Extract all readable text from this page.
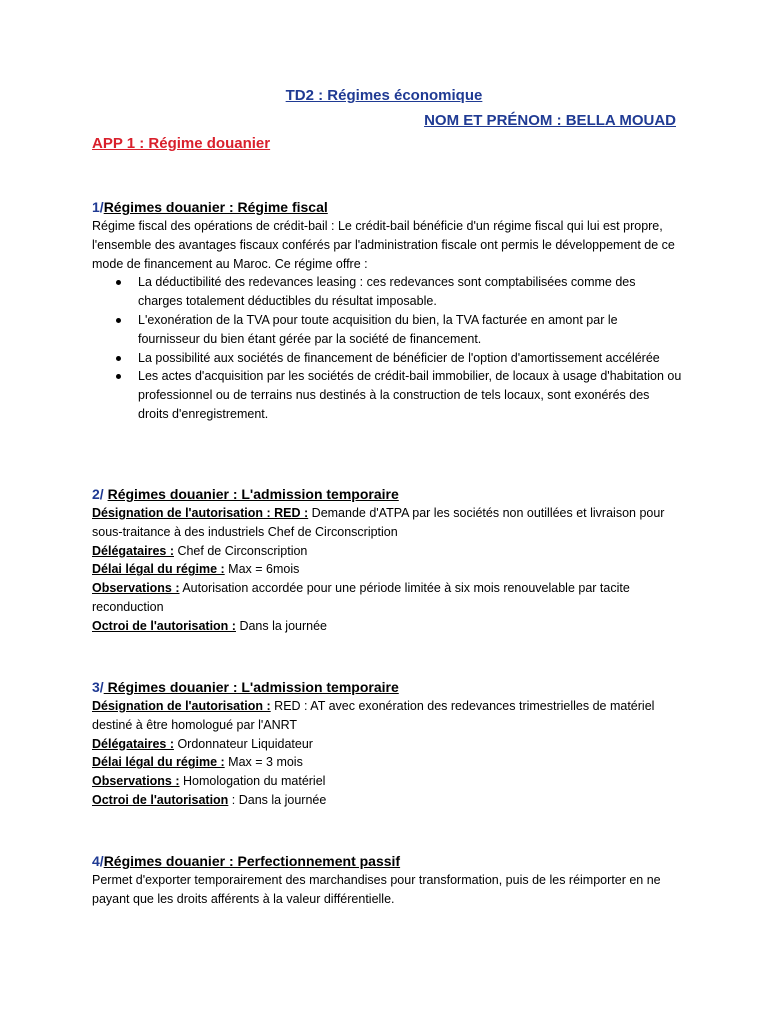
TD2 : Régimes économique
NOM ET PRÉNOM : BELLA MOUAD
APP 1 : Régime douanier
1/Régimes douanier : Régime fiscal

Régime fiscal des opérations de crédit-bail : Le crédit-bail bénéficie d'un régime fiscal qui lui est propre, l'ensemble des avantages fiscaux conférés par l'administration fiscale ont permis le développement de ce mode de financement au Maroc. Ce régime offre :

La déductibilité des redevances leasing : ces redevances sont comptabilisées comme des charges totalement déductibles du résultat imposable.
L'exonération de la TVA pour toute acquisition du bien, la TVA facturée en amont par le fournisseur du bien étant gérée par la société de financement.
La possibilité aux sociétés de financement de bénéficier de l'option d'amortissement accélérée
Les actes d'acquisition par les sociétés de crédit-bail immobilier, de locaux à usage d'habitation ou professionnel ou de terrains nus destinés à la construction de tels locaux, sont exonérés des droits d'enregistrement.
2/ Régimes douanier : L'admission temporaire

Désignation de l'autorisation : RED : Demande d'ATPA par les sociétés non outillées et livraison pour sous-traitance à des industriels Chef de Circonscription

Délégataires : Chef de Circonscription

Délai légal du régime : Max = 6mois

Observations : Autorisation accordée pour une période limitée à six mois renouvelable par tacite reconduction

Octroi de l'autorisation : Dans la journée

3/ Régimes douanier : L'admission temporaire

Désignation de l'autorisation : RED : AT avec exonération des redevances trimestrielles de matériel destiné à être homologué par l'ANRT

Délégataires : Ordonnateur Liquidateur

Délai légal du régime : Max = 3 mois

Observations : Homologation du matériel

Octroi de l'autorisation : Dans la journée

4/Régimes douanier : Perfectionnement passif

Permet d'exporter temporairement des marchandises pour transformation, puis de les réimporter en ne payant que les droits afférents à la valeur différentielle.
